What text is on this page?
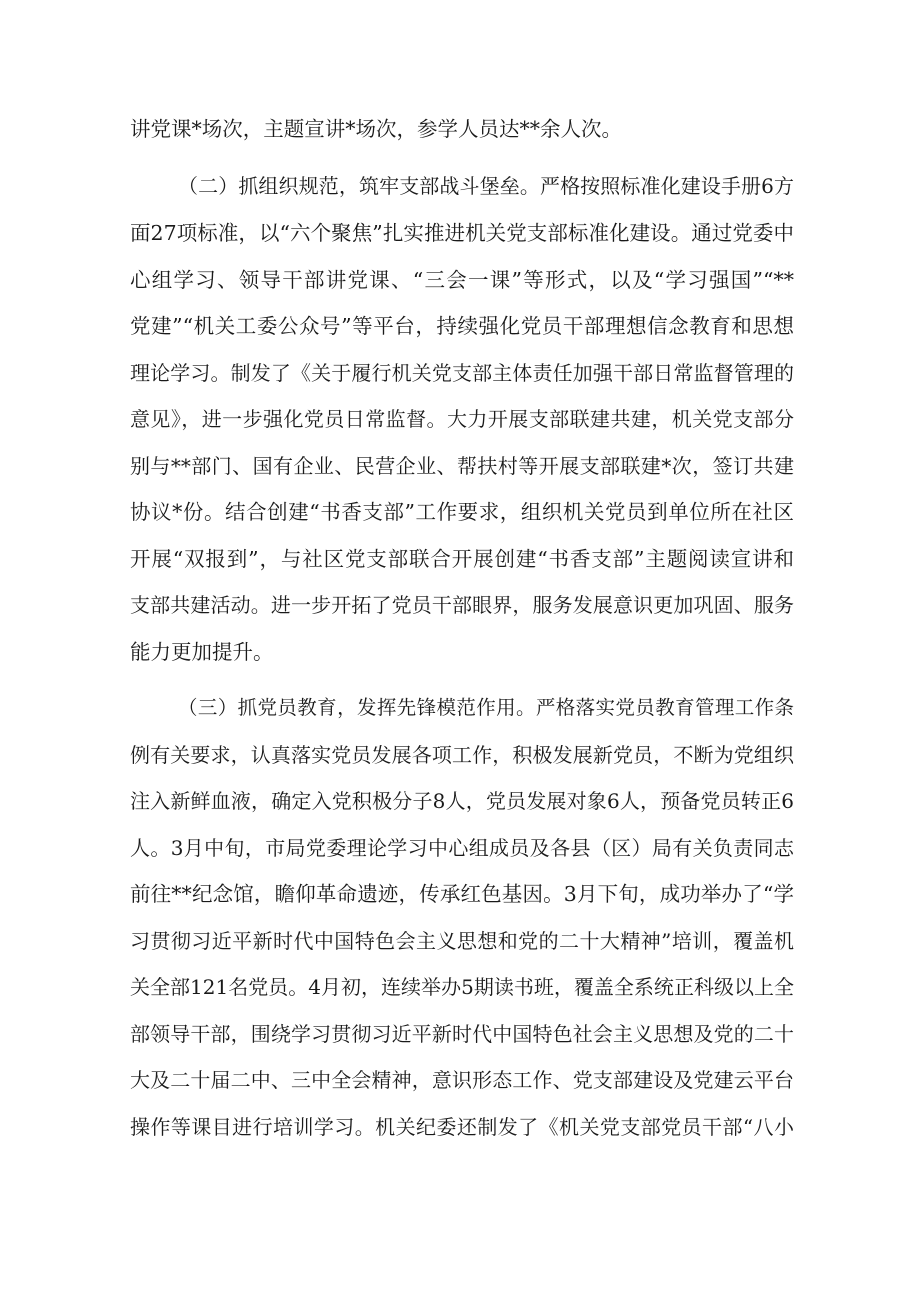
讲党课*场次，主题宣讲*场次，参学人员达**余人次。

（二）抓组织规范，筑牢支部战斗堡垒。严格按照标准化建设手册6方

面27项标准，以“六个聚焦”扎实推进机关党支部标准化建设。通过党委中

心组学习、领导干部讲党课、“三会一课”等形式，以及“学习强国”“**

党建”“机关工委公众号”等平台，持续强化党员干部理想信念教育和思想

理论学习。制发了《关于履行机关党支部主体责任加强干部日常监督管理的

意见》，进一步强化党员日常监督。大力开展支部联建共建，机关党支部分

别与**部门、国有企业、民营企业、帮扶村等开展支部联建*次，签订共建

协议*份。结合创建“书香支部”工作要求，组织机关党员到单位所在社区

开展“双报到”，与社区党支部联合开展创建“书香支部”主题阅读宣讲和

支部共建活动。进一步开拓了党员干部眼界，服务发展意识更加巩固、服务

能力更加提升。

（三）抓党员教育，发挥先锋模范作用。严格落实党员教育管理工作条

例有关要求，认真落实党员发展各项工作，积极发展新党员，不断为党组织

注入新鲜血液，确定入党积极分子8人，党员发展对象6人，预备党员转正6

人。3月中旬，市局党委理论学习中心组成员及各县（区）局有关负责同志

前往**纪念馆，瞻仰革命遗迹，传承红色基因。3月下旬，成功举办了“学

习贯彻习近平新时代中国特色会主义思想和党的二十大精神”培训，覆盖机

关全部121名党员。4月初，连续举办5期读书班，覆盖全系统正科级以上全

部领导干部，围绕学习贯彻习近平新时代中国特色社会主义思想及党的二十

大及二十届二中、三中全会精神，意识形态工作、党支部建设及党建云平台

操作等课目进行培训学习。机关纪委还制发了《机关党支部党员干部“八小
